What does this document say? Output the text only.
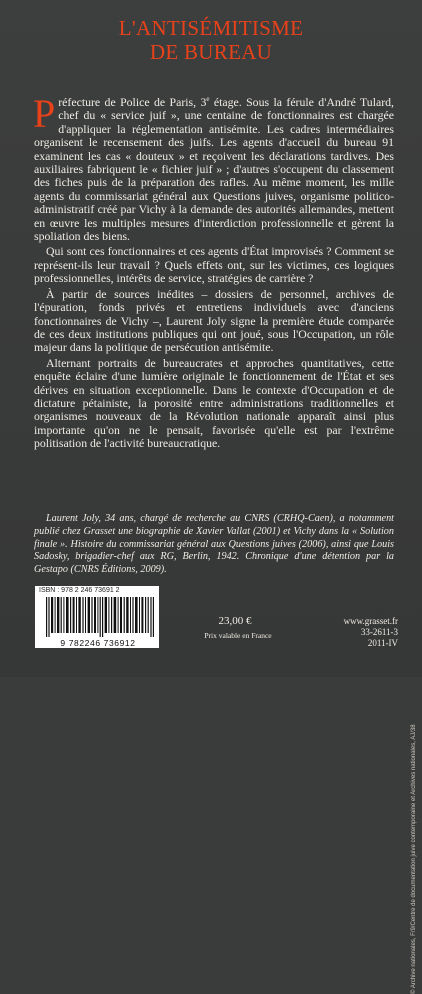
L'ANTISÉMITISME
DE BUREAU

Préfecture de Police de Paris, 3e étage. Sous la férule d'André Tulard, chef du « service juif », une centaine de fonctionnaires est chargée d'appliquer la réglementation antisémite. Les cadres intermédiaires organisent le recensement des juifs. Les agents d'accueil du bureau 91 examinent les cas « douteux » et reçoivent les déclarations tardives. Des auxiliaires fabriquent le « fichier juif » ; d'autres s'occupent du classement des fiches puis de la préparation des rafles. Au même moment, les mille agents du commissariat général aux Questions juives, organisme politico-administratif créé par Vichy à la demande des autorités allemandes, mettent en œuvre les multiples mesures d'interdiction professionnelle et gèrent la spoliation des biens.

Qui sont ces fonctionnaires et ces agents d'État improvisés ? Comment se représent-ils leur travail ? Quels effets ont, sur les victimes, ces logiques professionnelles, intérêts de service, stratégies de carrière ?

À partir de sources inédites – dossiers de personnel, archives de l'épuration, fonds privés et entretiens individuels avec d'anciens fonctionnaires de Vichy –, Laurent Joly signe la première étude comparée de ces deux institutions publiques qui ont joué, sous l'Occupation, un rôle majeur dans la politique de persécution antisémite.

Alternant portraits de bureaucrates et approches quantitatives, cette enquête éclaire d'une lumière originale le fonctionnement de l'État et ses dérives en situation exceptionnelle. Dans le contexte d'Occupation et de dictature pétainiste, la porosité entre administrations traditionnelles et organismes nouveaux de la Révolution nationale apparaît ainsi plus importante qu'on ne le pensait, favorisée qu'elle est par l'extrême politisation de l'activité bureaucratique.

Laurent Joly, 34 ans, chargé de recherche au CNRS (CRHQ-Caen), a notamment publié chez Grasset une biographie de Xavier Vallat (2001) et Vichy dans la « Solution finale ». Histoire du commissariat général aux Questions juives (2006), ainsi que Louis Sadosky, brigadier-chef aux RG, Berlin, 1942. Chronique d'une détention par la Gestapo (CNRS Éditions, 2009).

ISBN : 978 2 246 73691 2
9 782246 736912
23,00 €
Prix valable en France
www.grasset.fr
33-2611-3
2011-IV
© Archive nationales, F/9/Centre de documentation juive contemporaine et Archives nationales, AJ/38
